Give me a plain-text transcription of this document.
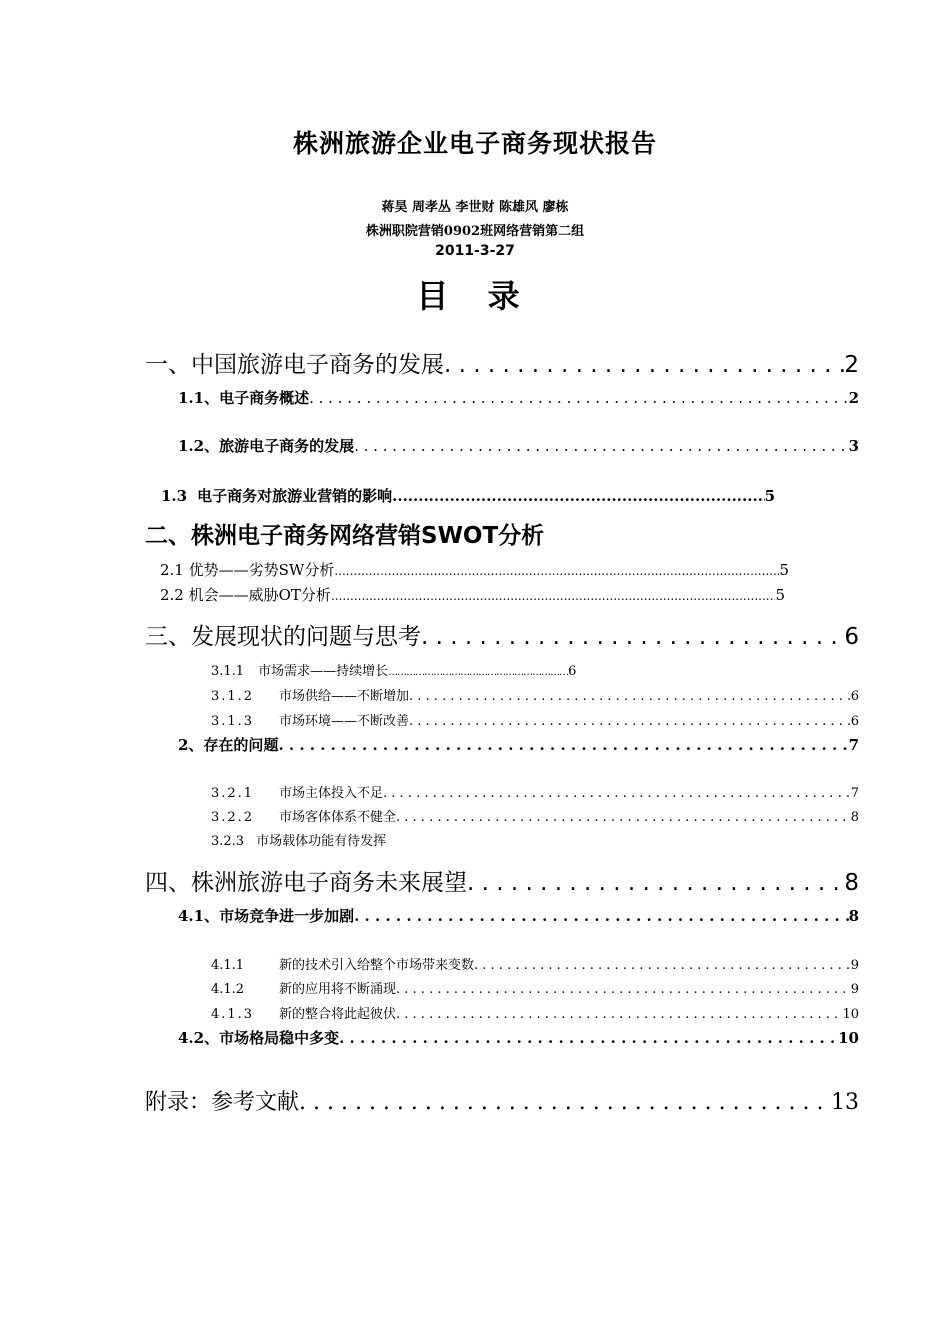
株洲旅游企业电子商务现状报告
蒋昊 周孝丛 李世财 陈雄风 廖栋
株洲职院营销0902班网络营销第二组
2011-3-27
目 录
一、中国旅游电子商务的发展 . . .	2
1.1、电子商务概述 . . .	2
1.2、旅游电子商务的发展 . . .	3
1.3 电子商务对旅游业营销的影响 .....	5
二、株洲电子商务网络营销SWOT分析
2.1 优势——劣势SW分析 .....	5
2.2 机会——威胁OT分析 .....	5
三、发展现状的问题与思考 . . .	6
3.1.1 市场需求——持续增长 …………………………………………………… 6
3.1.2	市场供给——不断增加 . . .	6
3.1.3	市场环境——不断改善 . . .	6
2、存在的问题 . . .	7
3.2.1	市场主体投入不足 . . .	7
3.2.2	市场客体体系不健全 . . .	8
3.2.3 市场载体功能有待发挥
四、株洲旅游电子商务未来展望 . . .	8
4.1、市场竞争进一步加剧 . . .	8
4.1.1	新的技术引入给整个市场带来变数 . . .	9
4.1.2	新的应用将不断涌现 . . .	9
4.1.3	新的整合将此起彼伏 . . .	10
4.2、市场格局稳中多变 . . .	10
附录：参考文献 . . .	13
